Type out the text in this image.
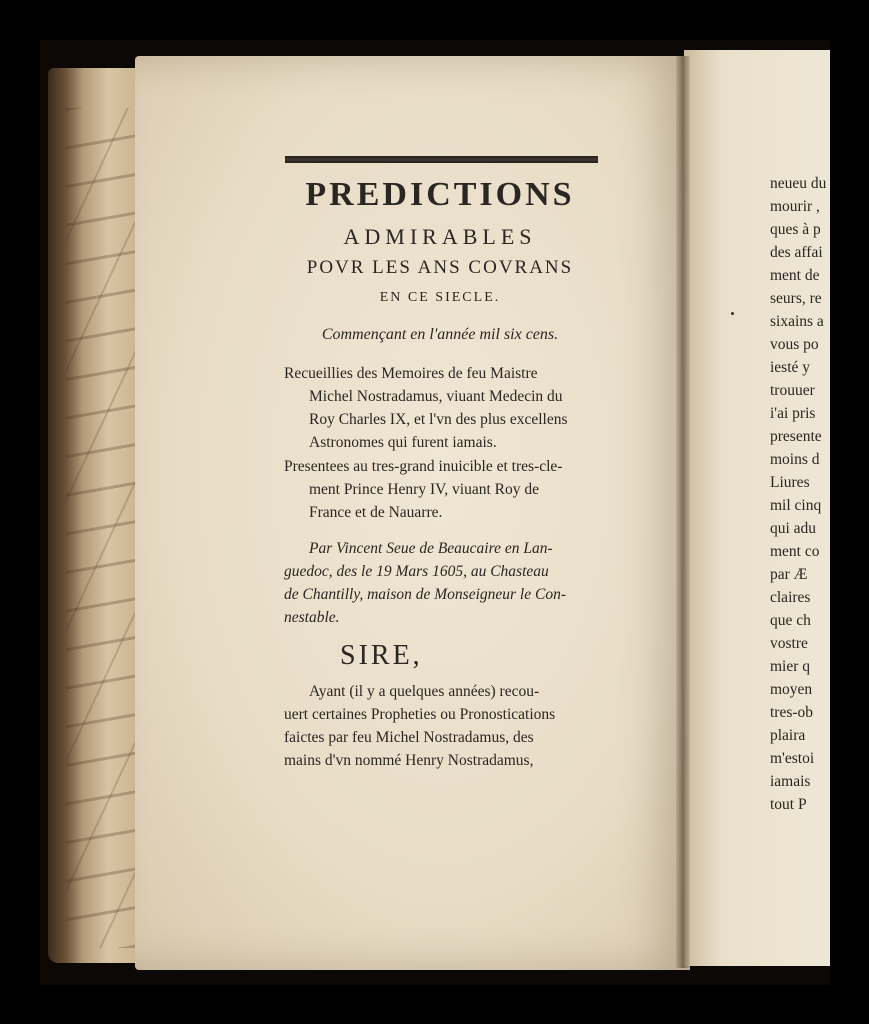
PREDICTIONS
ADMIRABLES
POVR LES ANS COVRANS
EN CE SIECLE.
Commençant en l'année mil six cens.
Recueillies des Memoires de feu Maistre
Michel Nostradamus, viuant Medecin du
Roy Charles IX, et l'vn des plus excellens
Astronomes qui furent iamais.
Presentees au tres-grand inuicible et tres-cle-
ment Prince Henry IV, viuant Roy de
France et de Nauarre.
Par Vincent Seue de Beaucaire en Lan-
guedoc, des le 19 Mars 1605, au Chasteau
de Chantilly, maison de Monseigneur le Con-
nestable.
SIRE,
Ayant (il y a quelques années) recou-
uert certaines Propheties ou Pronostications
faictes par feu Michel Nostradamus, des
mains d'vn nommé Henry Nostradamus,
neueu du
mourir ,
ques à p
des affai
ment de
seurs, re
sixains a
vous po
iesté y
trouuer
i'ai pris
presente
moins d
Liures
mil cinq
qui adu
ment co
par Æ
claires
que ch
vostre
mier q
moyen
tres-ob
plaira
m'estoi
iamais
tout P
